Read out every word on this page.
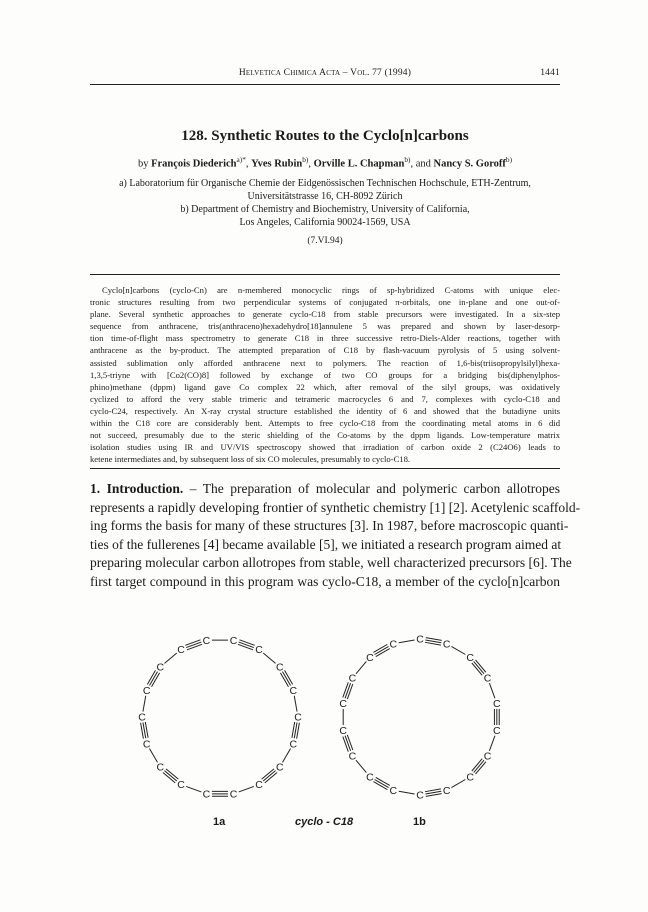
Helvetica Chimica Acta – Vol. 77 (1994)	1441
128. Synthetic Routes to the Cyclo[n]carbons
by François Diederich$^{a)*}$, Yves Rubin$^{b)}$, Orville L. Chapman$^{b)}$, and Nancy S. Goroff$^{b)}$
a) Laboratorium für Organische Chemie der Eidgenössischen Technischen Hochschule, ETH-Zentrum,
Universitätstrasse 16, CH-8092 Zürich
b) Department of Chemistry and Biochemistry, University of California,
Los Angeles, California 90024-1569, USA
(7.VI.94)
Cyclo[n]carbons (cyclo-Cn) are n-membered monocyclic rings of sp-hybridized C-atoms with unique elec-
tronic structures resulting from two perpendicular systems of conjugated π-orbitals, one in-plane and one out-of-
plane. Several synthetic approaches to generate cyclo-C18 from stable precursors were investigated. In a six-step
sequence from anthracene, tris(anthraceno)hexadehydro[18]annulene 5 was prepared and shown by laser-desorp-
tion time-of-flight mass spectrometry to generate C18 in three successive retro-Diels-Alder reactions, together with
anthracene as the by-product. The attempted preparation of C18 by flash-vacuum pyrolysis of 5 using solvent-
assisted sublimation only afforded anthracene next to polymers. The reaction of 1,6-bis(triisopropylsilyl)hexa-
1,3,5-triyne with [Co2(CO)8] followed by exchange of two CO groups for a bridging bis(diphenylphos-
phino)methane (dppm) ligand gave Co complex 22 which, after removal of the silyl groups, was oxidatively
cyclized to afford the very stable trimeric and tetrameric macrocycles 6 and 7, complexes with cyclo-C18 and
cyclo-C24, respectively. An X-ray crystal structure established the identity of 6 and showed that the butadiyne units
within the C18 core are considerably bent. Attempts to free cyclo-C18 from the coordinating metal atoms in 6 did
not succeed, presumably due to the steric shielding of the Co-atoms by the dppm ligands. Low-temperature matrix
isolation studies using IR and UV/VIS spectroscopy showed that irradiation of carbon oxide 2 (C24O6) leads to
ketene intermediates and, by subsequent loss of six CO molecules, presumably to cyclo-C18.
1. Introduction. – The preparation of molecular and polymeric carbon allotropes
represents a rapidly developing frontier of synthetic chemistry [1] [2]. Acetylenic scaffold-
ing forms the basis for many of these structures [3]. In 1987, before macroscopic quanti-
ties of the fullerenes [4] became available [5], we initiated a research program aimed at
preparing molecular carbon allotropes from stable, well characterized precursors [6]. The
first target compound in this program was cyclo-C18, a member of the cyclo[n]carbon
C
C
C
C
C
C
C
C
C
C
C
C
C
C
C
C
C
C	C C
C
C
C
C
C
C
C
C
C
C
C
C
C
C
C
C
1a	cyclo - C18	1b
